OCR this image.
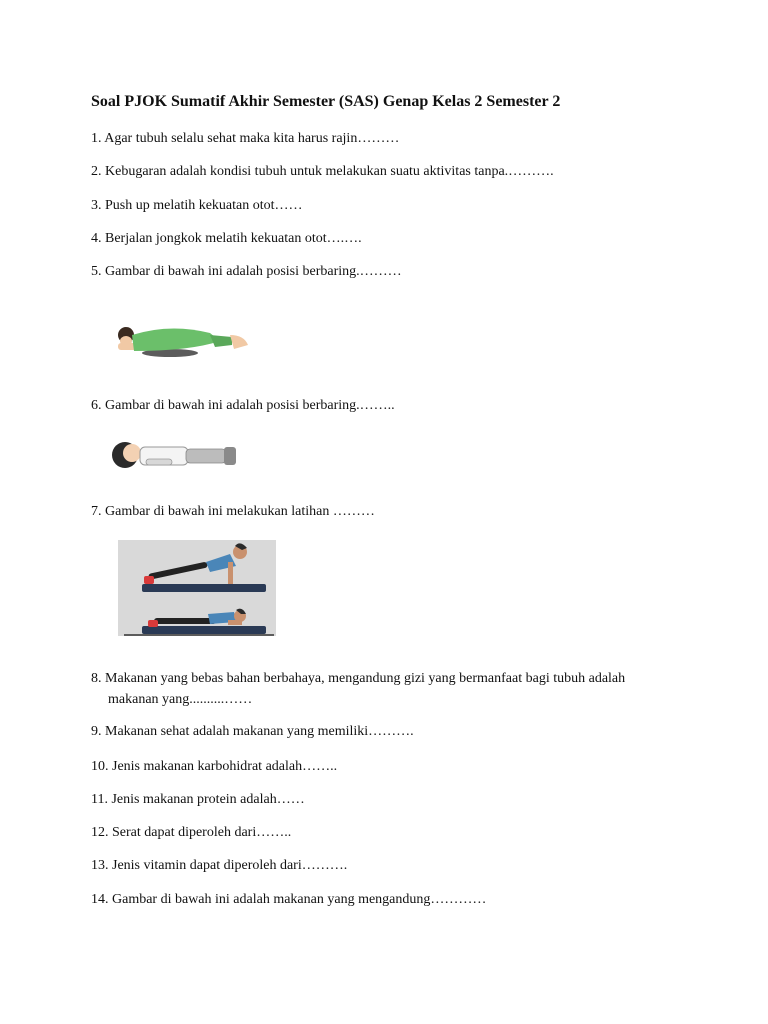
Soal PJOK Sumatif Akhir Semester (SAS) Genap Kelas 2 Semester 2

1. Agar tubuh selalu sehat maka kita harus rajin………

2. Kebugaran adalah kondisi tubuh untuk melakukan suatu aktivitas tanpa.……….

3. Push up melatih kekuatan otot……

4. Berjalan jongkok melatih kekuatan otot….….

5. Gambar di bawah ini adalah posisi berbaring.………

6. Gambar di bawah ini adalah posisi berbaring.……..

7. Gambar di bawah ini melakukan latihan ………

8. Makanan yang bebas bahan berbahaya, mengandung gizi yang bermanfaat bagi tubuh adalah
makanan yang..........……

9. Makanan sehat adalah makanan yang memiliki……….

10. Jenis makanan karbohidrat adalah……..

11. Jenis makanan protein adalah……

12. Serat dapat diperoleh dari……..

13. Jenis vitamin dapat diperoleh dari……….

14. Gambar di bawah ini adalah makanan yang mengandung…………
